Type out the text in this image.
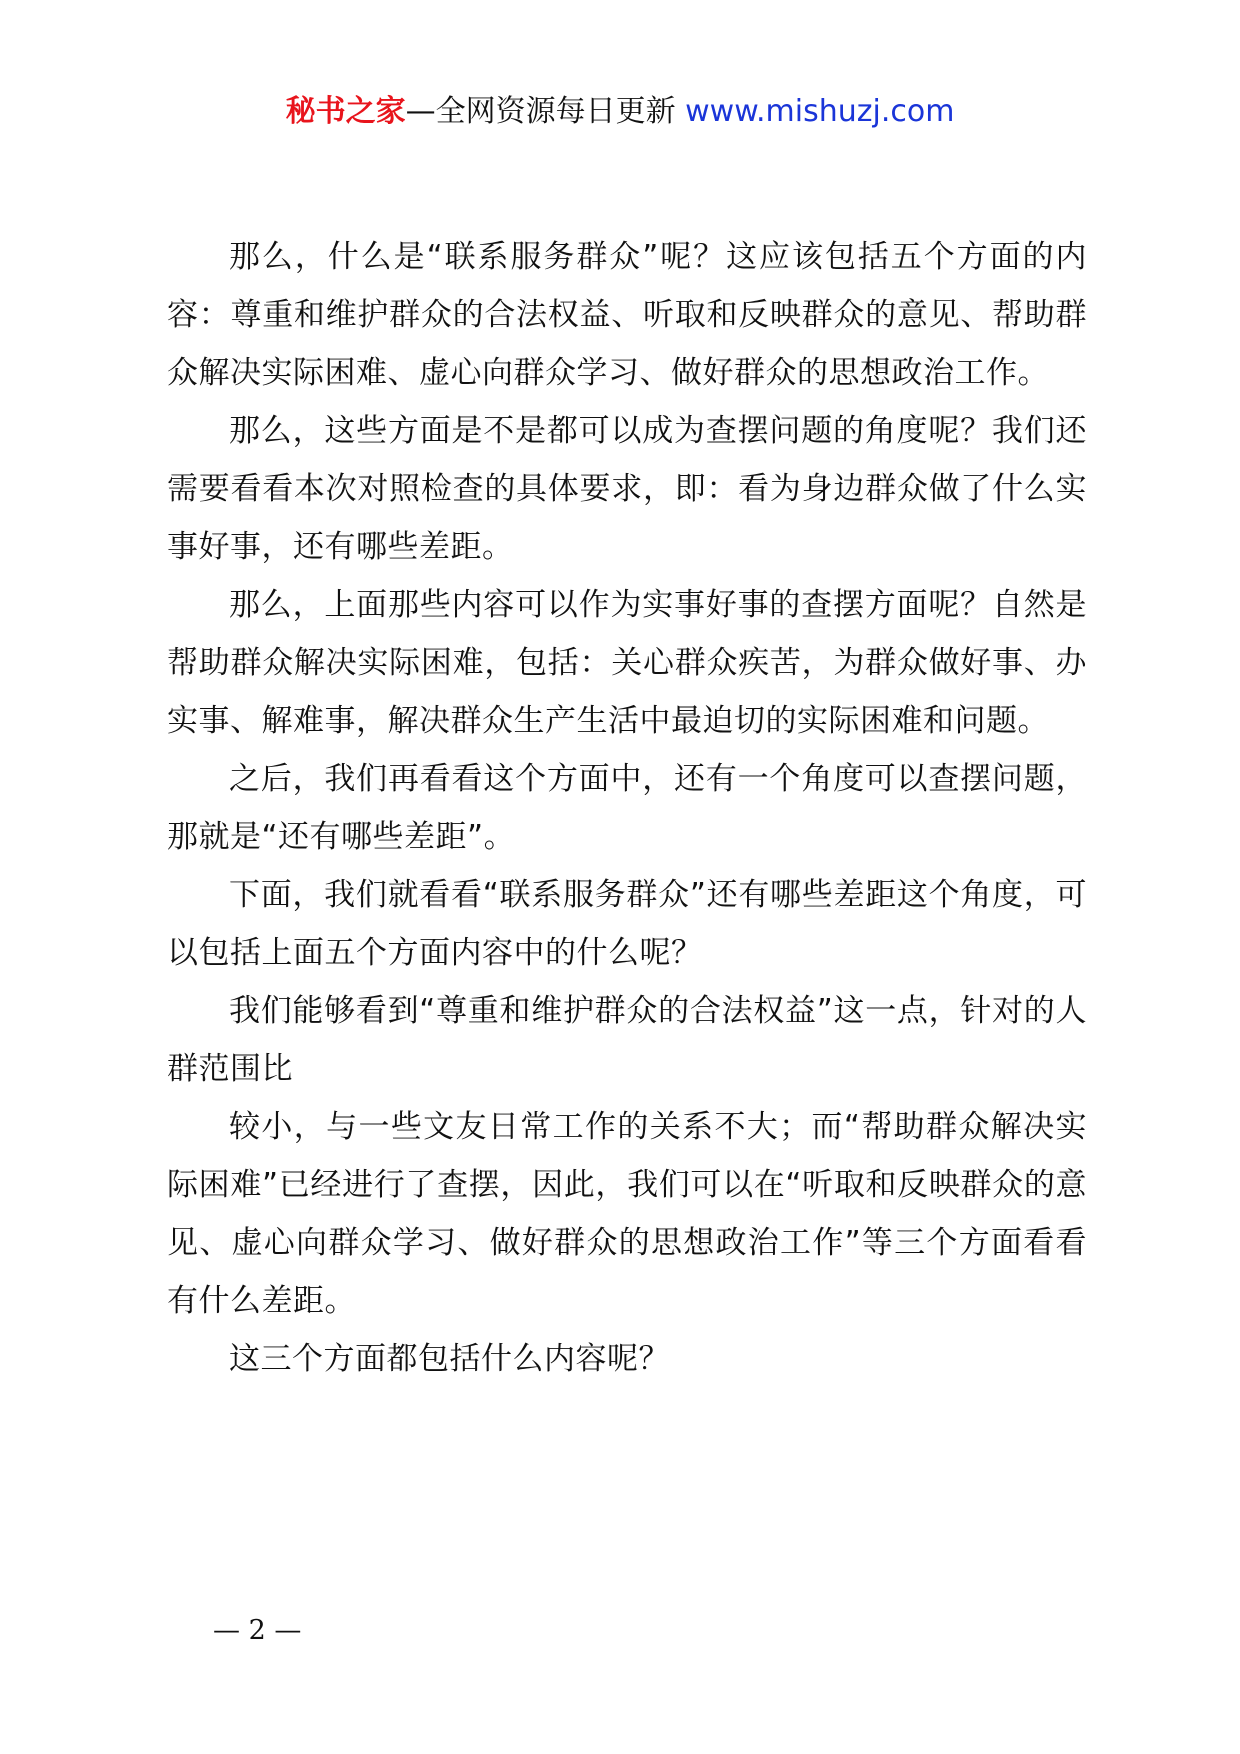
秘书之家—全网资源每日更新 www.mishuzj.com

那么，什么是“联系服务群众”呢？这应该包括五个方面的内容：尊重和维护群众的合法权益、听取和反映群众的意见、帮助群众解决实际困难、虚心向群众学习、做好群众的思想政治工作。

那么，这些方面是不是都可以成为查摆问题的角度呢？我们还需要看看本次对照检查的具体要求，即：看为身边群众做了什么实事好事，还有哪些差距。

那么，上面那些内容可以作为实事好事的查摆方面呢？自然是帮助群众解决实际困难，包括：关心群众疾苦，为群众做好事、办实事、解难事，解决群众生产生活中最迫切的实际困难和问题。

之后，我们再看看这个方面中，还有一个角度可以查摆问题，那就是“还有哪些差距”。

下面，我们就看看“联系服务群众”还有哪些差距这个角度，可以包括上面五个方面内容中的什么呢？

我们能够看到“尊重和维护群众的合法权益”这一点，针对的人群范围比

较小，与一些文友日常工作的关系不大；而“帮助群众解决实际困难”已经进行了查摆，因此，我们可以在“听取和反映群众的意见、虚心向群众学习、做好群众的思想政治工作”等三个方面看看有什么差距。

这三个方面都包括什么内容呢？

— 2 —
